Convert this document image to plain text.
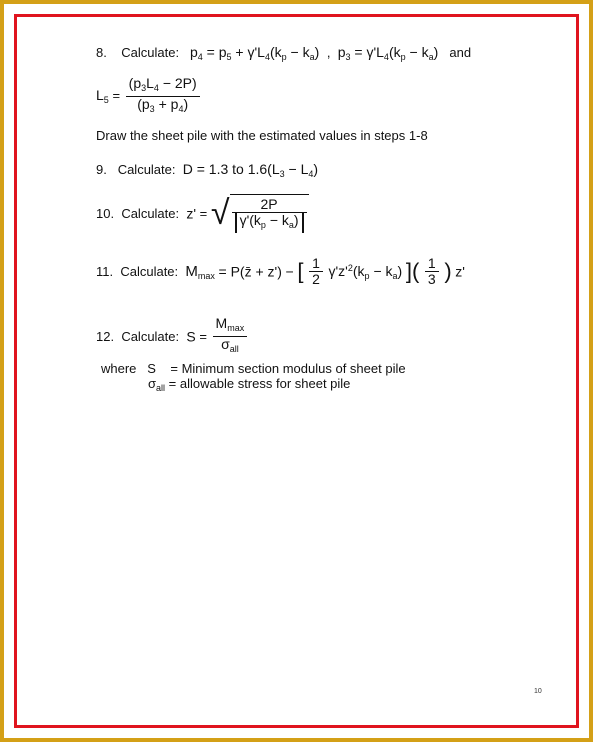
8. Calculate: $p_4 = p_5 + \gamma'L_4(k_p - k_a)$ , $p_3 = \gamma'L_4(k_p - k_a)$ and
$L_5 = \frac{(p_3L_4 - 2P)}{(p_3 + p_4)}$
Draw the sheet pile with the estimated values in steps 1-8
9. Calculate: D = 1.3 to $1.6(L_3 - L_4)$
10. Calculate: z' = √ $\frac{2P}{\gamma'(k_p - k_a)}$
11. Calculate: $M_{max}$ = P(z̄ + z') − [ $\frac{1}{2} \gamma'z'^2(k_p - k_a)$ ]( $\frac{1}{3}$ ) z'
12. Calculate: $S = \frac{M_{max}}{\sigma_{all}}$
where S = Minimum section modulus of sheet pile
$\sigma_{all}$ = allowable stress for sheet pile
10
